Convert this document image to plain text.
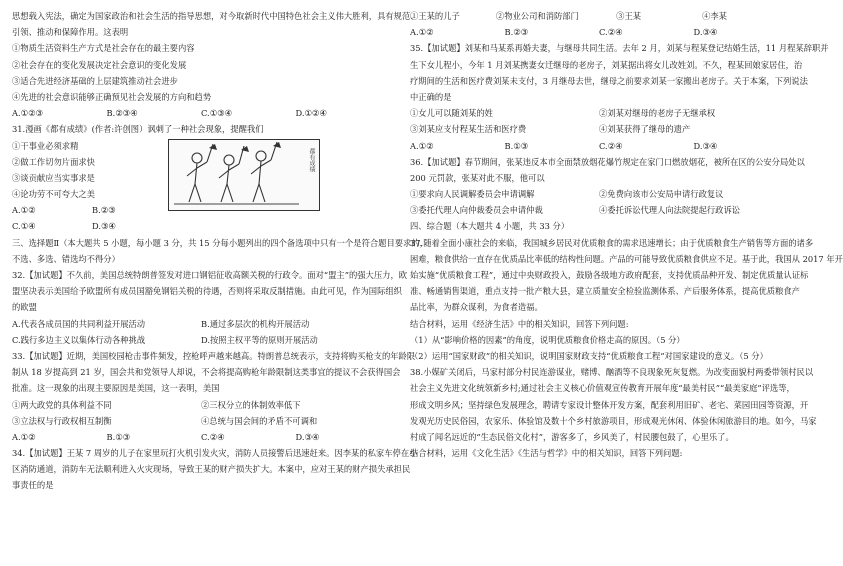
思想载入宪法，确定为国家政治和社会生活的指导思想，对今取新时代中国特色社会主义伟大胜利，具有规范、
引领、推动和保障作用。这表明
①物质生活资料生产方式是社会存在的最主要内容
②社会存在的变化发展决定社会意识的变化发展
③适合先进经济基础的上层建筑推动社会进步
④先进的社会意识能够正确预见社会发展的方向和趋势
A.①②③	B.②③④	C.①③④	D.①②④
31.漫画《都有成绩》(作者:许创图）讽刺了一种社会现象，提醒我们
①干事业必须求精
②做工作切勿片面求快
③谈贡献应当实事求是
④论功劳不可夸大之美
A.①②	B.②③
C.①④	D.③④
都有成绩
三、选择题Ⅱ（本大题共 5 小题，每小题 3 分，共 15 分每小题列出的四个备选项中只有一个是符合题目要求的，
不选、多选、错选均不得分）
32.【加试题】不久前，美国总统特朗普签发对进口钢铝征收高额关税的行政令。面对“盟主”的强大压力，欧
盟坚决表示美国给予欧盟所有成员国豁免钢铝关税的待遇，否则将采取反制措施。由此可见，作为国际组织
的欧盟
A.代表各成员国的共同利益开展活动	B.通过多层次的机构开展活动
C.践行多边主义以集体行动各种挑战	D.按照主权平等的原则开展活动
33.【加试题】近期，美国校园枪击事件频发，控枪呼声越来越高。特朗普总统表示，支持将购买枪支的年龄限
制从 18 岁提高到 21 岁，国会共和党领导人却说，不会将提高购枪年龄限制这类事宜的提议不会获得国会
批准。这一现象的出现主要原因是美国，这一表明，美国
①两大政党的具体利益不同	②三权分立的体制效率低下
③立法权与行政权相互制衡	④总统与国会间的矛盾不可调和
A.①②	B.①③	C.②④	D.③④
34.【加试题】王某 7 周岁的儿子在家里玩打火机引发火灾，消防人员接警后迅速赶来。因李某的私家车停在小
区消防通道，消防车无法顺利进入火灾现场，导致王某的财产损失扩大。本案中，应对王某的财产损失承担民
事责任的是
①王某的儿子	②物业公司和消防部门	③王某	④李某
A.①②	B.②③	C.②④	D.③④
35.【加试题】刘某和马某系再婚夫妻，与继母共同生活。去年 2 月，刘某与程某登记结婚生活，11 月程某辞职并
生下女儿程小，今年 1 月刘某携妻女迁继母的老房子，刘某据出将女儿改姓刘。不久，程某回娘家居住，治
疗期间的生活和医疗费刘某未支付，3 月继母去世，继母之前要求刘某一家搬出老房子。关于本案，下列说法
中正确的是
①女儿可以随刘某的姓	②刘某对继母的老房子无继承权
③刘某应支付程某生活和医疗费	④刘某获得了继母的遗产
A.①②	B.①③	C.②④	D.③④
36.【加试题】春节期间，张某违反本市全面禁放烟花爆竹规定在家门口燃放烟花，被所在区的公安分局处以
200 元罚款，张某对此不服，他可以
①要求向人民调解委员会申请调解	②免费向该市公安局申请行政复议
③委托代理人向仲裁委员会申请仲裁	④委托诉讼代理人向法院提起行政诉讼
四、综合题（本大题共 4 小题，共 33 分）
37.随着全面小康社会的来临，我国城乡居民对优质粮食的需求迅速增长；由于优质粮食生产销售等方面的诸多
困难，粮食供给一直存在优质品比率低的结构性问题。产品的可能导致优质粮食供应不足。基于此，我国从 2017 年开
始实施“优质粮食工程”，通过中央财政投入，鼓励各级地方政府配套，支持优质品种开发、制定优质量认证标
准、畅通销售渠道，重点支持一批产粮大县，建立质量安全检验监测体系、产后服务体系，提高优质粮食产
品比率，为群众谋利，为食者造福。
结合材料，运用《经济生活》中的相关知识，回答下列问题:
（1）从“影响价格的因素”的角度，说明优质粮食价格走高的原因。（5 分）
（2）运用“国家财政”的相关知识，说明国家财政支持“优质粮食工程”对国家建设的意义。（5 分）
38.小媒矿关闭后，马家村部分村民连游谋业，赌博、酗酒等不良现象死灰复燃。为改变面貌村两委带领村民以
社会主义先进文化统领新乡村;通过社会主义核心价值观宣传教育开展年度“最美村民”“最美家庭”评选等，
形成文明乡风；坚持绿色发展理念，聘请专家设计整体开发方案，配套利用旧矿、老宅、菜园田园等资源，开
发观光历史民俗园，农家乐、体验馆及数十个乡村旅游项目，形成观光休闲、体验休闲旅游目的地。如今，马家
村成了闻名远近的“生态民俗文化村”，游客多了，乡风美了，村民腰包鼓了，心里乐了。
结合材料，运用《文化生活》《生活与哲学》中的相关知识，回答下列问题:
